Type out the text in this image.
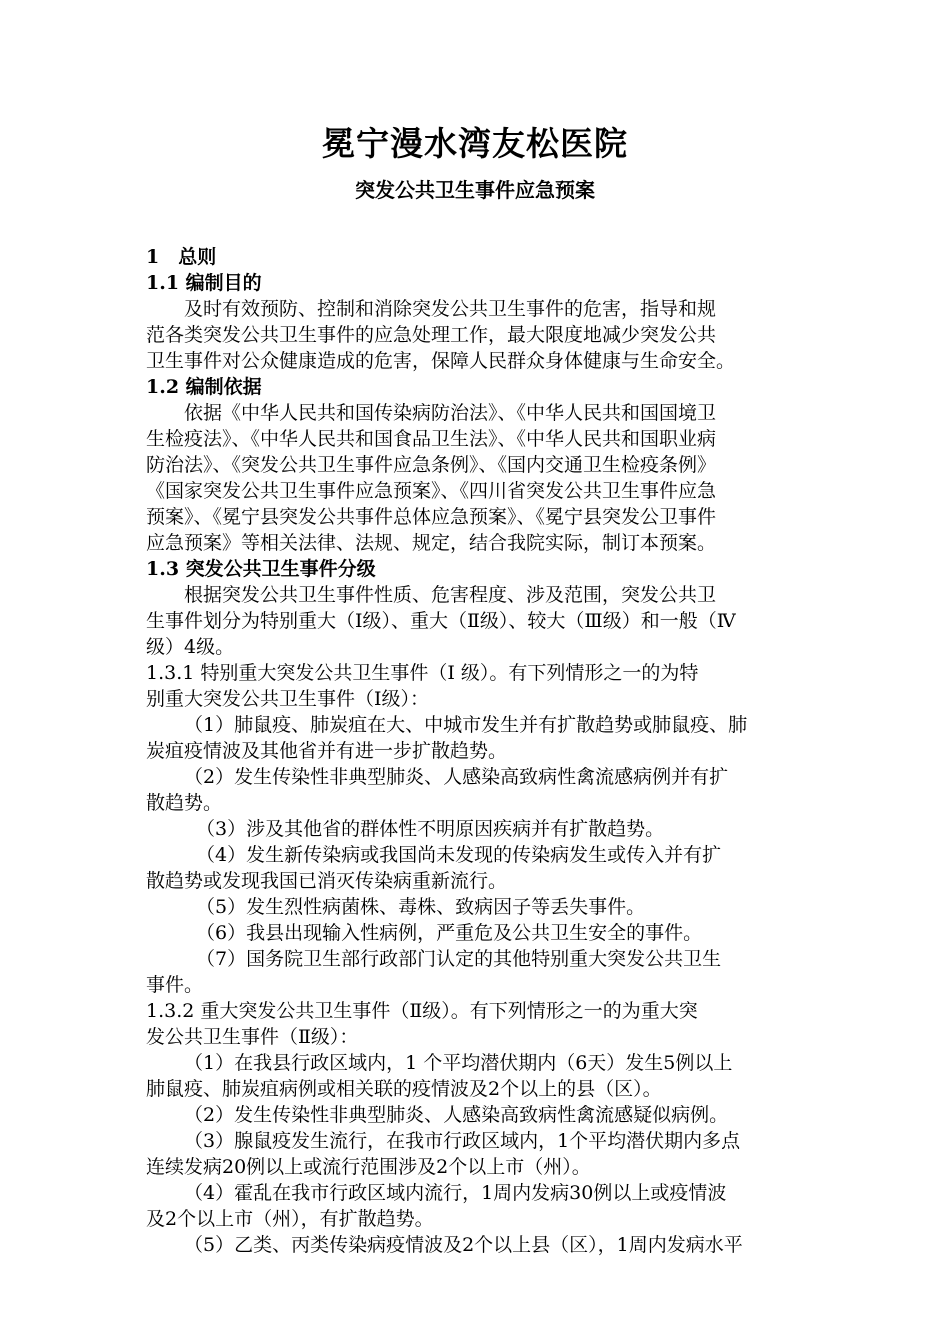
冕宁漫水湾友松医院
突发公共卫生事件应急预案

1　总则

1.1 编制目的

及时有效预防、控制和消除突发公共卫生事件的危害，指导和规

范各类突发公共卫生事件的应急处理工作，最大限度地减少突发公共

卫生事件对公众健康造成的危害，保障人民群众身体健康与生命安全。

1.2 编制依据

依据《中华人民共和国传染病防治法》、《中华人民共和国国境卫

生检疫法》、《中华人民共和国食品卫生法》、《中华人民共和国职业病

防治法》、《突发公共卫生事件应急条例》、《国内交通卫生检疫条例》

《国家突发公共卫生事件应急预案》、《四川省突发公共卫生事件应急

预案》、《冕宁县突发公共事件总体应急预案》、《冕宁县突发公卫事件

应急预案》等相关法律、法规、规定，结合我院实际，制订本预案。

1.3 突发公共卫生事件分级

根据突发公共卫生事件性质、危害程度、涉及范围，突发公共卫

生事件划分为特别重大（Ⅰ级）、重大（Ⅱ级）、较大（Ⅲ级）和一般（Ⅳ

级）4级。

1.3.1 特别重大突发公共卫生事件（Ⅰ 级）。有下列情形之一的为特

别重大突发公共卫生事件（Ⅰ级）：

（1）肺鼠疫、肺炭疽在大、中城市发生并有扩散趋势或肺鼠疫、肺

炭疽疫情波及其他省并有进一步扩散趋势。

（2）发生传染性非典型肺炎、人感染高致病性禽流感病例并有扩

散趋势。

（3）涉及其他省的群体性不明原因疾病并有扩散趋势。

（4）发生新传染病或我国尚未发现的传染病发生或传入并有扩

散趋势或发现我国已消灭传染病重新流行。

（5）发生烈性病菌株、毒株、致病因子等丢失事件。

（6）我县出现输入性病例，严重危及公共卫生安全的事件。

（7）国务院卫生部行政部门认定的其他特别重大突发公共卫生

事件。

1.3.2 重大突发公共卫生事件（Ⅱ级）。有下列情形之一的为重大突

发公共卫生事件（Ⅱ级）：

（1）在我县行政区域内，1 个平均潜伏期内（6天）发生5例以上

肺鼠疫、肺炭疽病例或相关联的疫情波及2个以上的县（区）。

（2）发生传染性非典型肺炎、人感染高致病性禽流感疑似病例。

（3）腺鼠疫发生流行，在我市行政区域内，1个平均潜伏期内多点

连续发病20例以上或流行范围涉及2个以上市（州）。

（4）霍乱在我市行政区域内流行，1周内发病30例以上或疫情波

及2个以上市（州），有扩散趋势。

（5）乙类、丙类传染病疫情波及2个以上县（区），1周内发病水平
